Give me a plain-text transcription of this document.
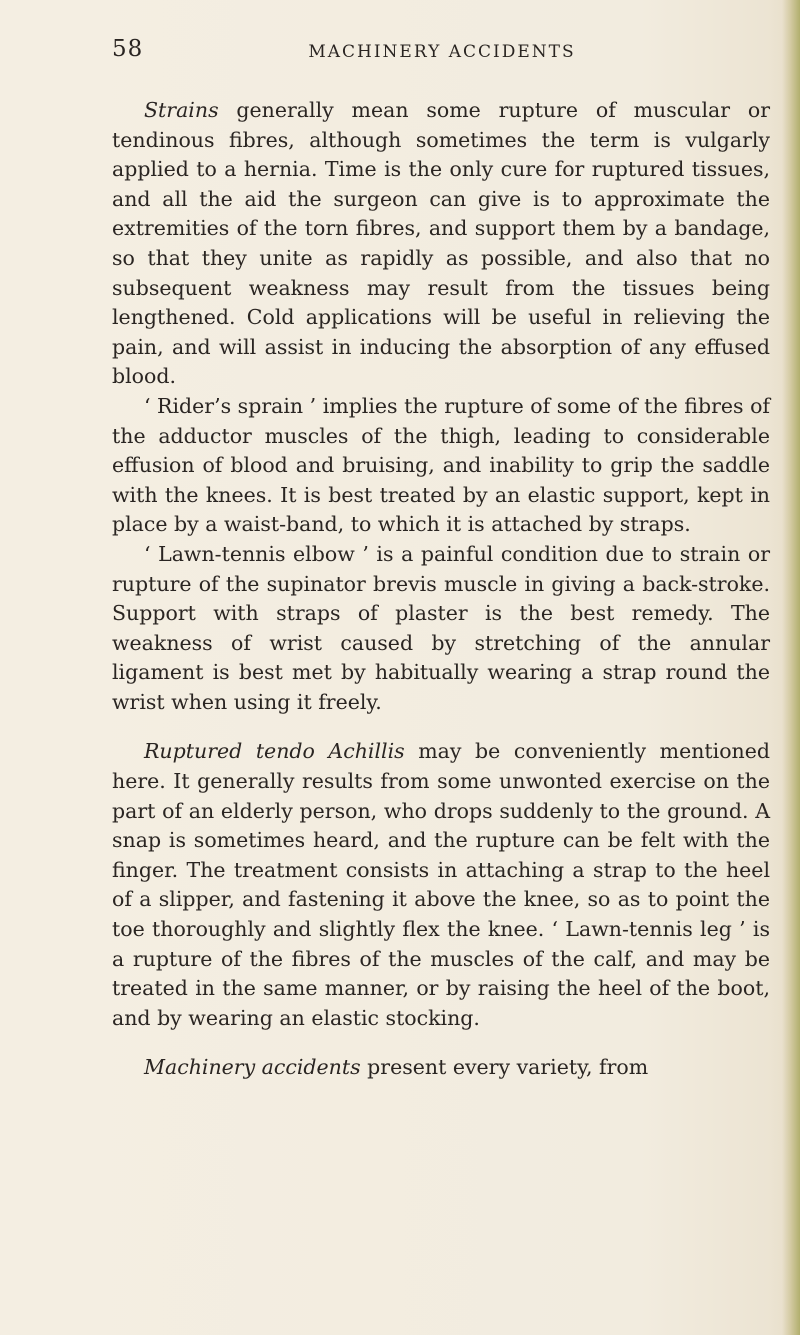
58	MACHINERY ACCIDENTS

Strains generally mean some rupture of muscular or tendinous fibres, although sometimes the term is vulgarly applied to a hernia. Time is the only cure for ruptured tissues, and all the aid the surgeon can give is to approximate the extremities of the torn fibres, and support them by a bandage, so that they unite as rapidly as possible, and also that no subsequent weakness may result from the tissues being lengthened. Cold applications will be useful in relieving the pain, and will assist in inducing the absorption of any effused blood.

‘ Rider’s sprain ’ implies the rupture of some of the fibres of the adductor muscles of the thigh, leading to considerable effusion of blood and bruising, and inability to grip the saddle with the knees. It is best treated by an elastic support, kept in place by a waist-band, to which it is attached by straps.

‘ Lawn-tennis elbow ’ is a painful condition due to strain or rupture of the supinator brevis muscle in giving a back-stroke. Support with straps of plaster is the best remedy. The weakness of wrist caused by stretching of the annular ligament is best met by habitually wearing a strap round the wrist when using it freely.

Ruptured tendo Achillis may be conveniently mentioned here. It generally results from some unwonted exercise on the part of an elderly person, who drops suddenly to the ground. A snap is sometimes heard, and the rupture can be felt with the finger. The treatment consists in attaching a strap to the heel of a slipper, and fastening it above the knee, so as to point the toe thoroughly and slightly flex the knee. ‘ Lawn-tennis leg ’ is a rupture of the fibres of the muscles of the calf, and may be treated in the same manner, or by raising the heel of the boot, and by wearing an elastic stocking.

Machinery accidents present every variety, from
